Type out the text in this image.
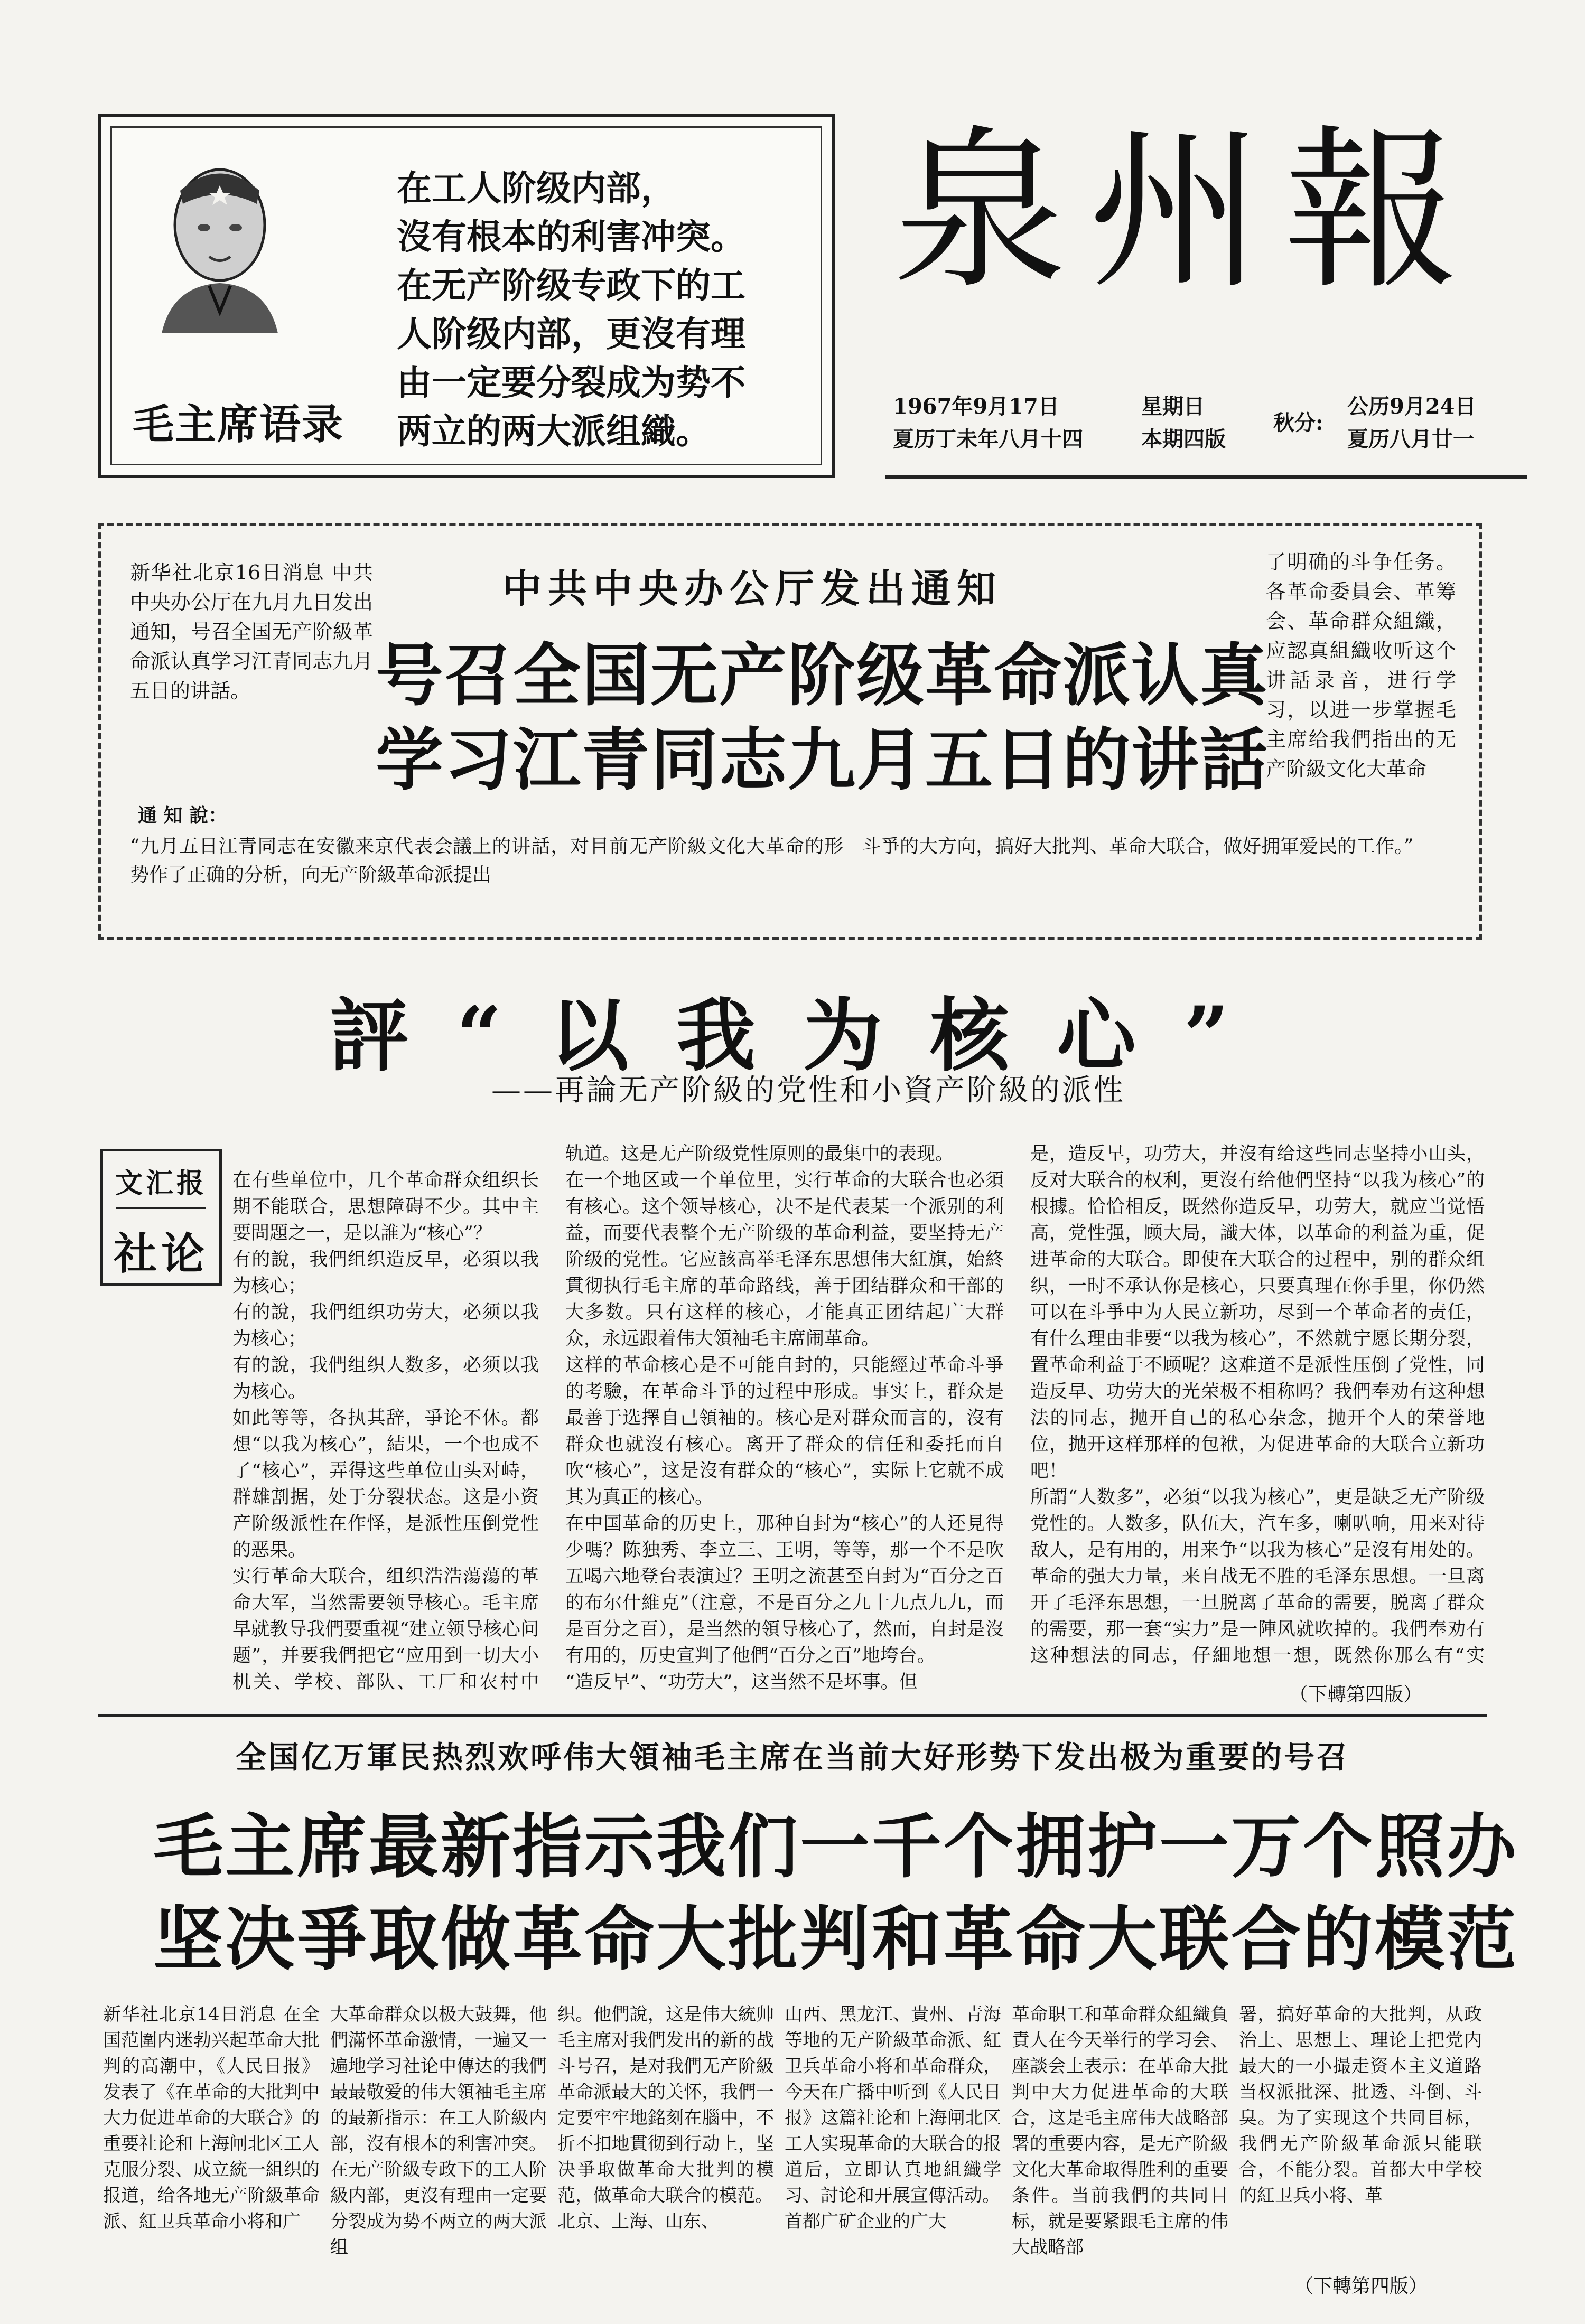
毛主席语录
在工人阶级内部，
沒有根本的利害冲突。
在无产阶级专政下的工
人阶级内部，更沒有理
由一定要分裂成为势不
两立的两大派组織。
泉州報
1967年9月17日
夏历丁未年八月十四
星期日
本期四版
秋分:
公历9月24日
夏历八月廿一
新华社北京16日消息 中共中央办公厅在九月九日发出通知，号召全国无产阶級革命派认真学习江青同志九月五日的讲話。
通 知 說：
中共中央办公厅发出通知
号召全国无产阶级革命派认真
学习江青同志九月五日的讲話
了明确的斗争任务。各革命委員会、革筹会、革命群众組織，应認真組織收听这个讲話录音，进行学习，以进一步掌握毛主席给我們指出的无产阶級文化大革命
“九月五日江青同志在安徽来京代表会議上的讲話，对目前无产阶級文化大革命的形势作了正确的分析，向无产阶級革命派提出
斗爭的大方向，搞好大批判、革命大联合，做好拥軍爱民的工作。”
評“以我为核心”
——再論无产阶級的党性和小資产阶級的派性
文汇报
社论

在有些单位中，几个革命群众组织长期不能联合，思想障碍不少。其中主要問題之一，是以誰为“核心”？
有的說，我們组织造反早，必須以我为核心；
有的說，我們组织功劳大，必须以我为核心；
有的說，我們组织人数多，必须以我为核心。
如此等等，各执其辞，爭论不休。都想“以我为核心”，結果，一个也成不了“核心”，弄得这些单位山头对峙，群雄割据，处于分裂状态。这是小资产阶级派性在作怪，是派性压倒党性的恶果。
实行革命大联合，组织浩浩蕩蕩的革命大军，当然需要领导核心。毛主席早就教导我們要重视“建立领导核心问题”，并要我們把它“应用到一切大小机关、学校、部队、工厂和农村中

轨道。这是无产阶级党性原则的最集中的表现。
在一个地区或一个单位里，实行革命的大联合也必須有核心。这个领导核心，决不是代表某一个派别的利益，而要代表整个无产阶级的革命利益，要坚持无产阶级的党性。它应該高举毛泽东思想伟大紅旗，始終貫彻执行毛主席的革命路线，善于团结群众和干部的大多数。只有这样的核心，才能真正团结起广大群众，永远跟着伟大領袖毛主席闹革命。
这样的革命核心是不可能自封的，只能經过革命斗爭的考驗，在革命斗爭的过程中形成。事实上，群众是最善于选擇自己領袖的。核心是对群众而言的，沒有群众也就沒有核心。离开了群众的信任和委托而自吹“核心”，这是沒有群众的“核心”，实际上它就不成其为真正的核心。
在中国革命的历史上，那种自封为“核心”的人还見得少嗎？陈独秀、李立三、王明，等等，那一个不是吹五喝六地登台表演过？王明之流甚至自封为“百分之百的布尔什維克”（注意，不是百分之九十九点九九，而是百分之百），是当然的領导核心了，然而，自封是沒有用的，历史宣判了他們“百分之百”地垮台。
“造反早”、“功劳大”，这当然不是坏事。但
是，造反早，功劳大，并沒有给这些同志坚持小山头，反对大联合的权利，更沒有给他們坚持“以我为核心”的根據。恰恰相反，既然你造反早，功劳大，就应当觉悟高，党性强，顾大局，識大体，以革命的利益为重，促进革命的大联合。即使在大联合的过程中，别的群众组织，一时不承认你是核心，只要真理在你手里，你仍然可以在斗爭中为人民立新功，尽到一个革命者的责任，有什么理由非要“以我为核心”，不然就宁愿长期分裂，置革命利益于不顾呢？这难道不是派性压倒了党性，同造反早、功劳大的光荣极不相称吗？我們奉劝有这种想法的同志，抛开自己的私心杂念，抛开个人的荣誉地位，抛开这样那样的包袱，为促进革命的大联合立新功吧！
所謂“人数多”，必須“以我为核心”，更是缺乏无产阶级党性的。人数多，队伍大，汽车多，喇叭响，用来对待敌人，是有用的，用来争“以我为核心”是沒有用处的。革命的强大力量，来自战无不胜的毛泽东思想。一旦离开了毛泽东思想，一旦脱离了革命的需要，脱离了群众的需要，那一套“实力”是一陣风就吹掉的。我們奉劝有这种想法的同志，仔細地想一想，既然你那么有“实
（下轉第四版）
全国亿万軍民热烈欢呼伟大領袖毛主席在当前大好形势下发出极为重要的号召
毛主席最新指示我们一千个拥护一万个照办
坚决爭取做革命大批判和革命大联合的模范
新华社北京14日消息 在全国范圍内迷勃兴起革命大批判的高潮中，《人民日报》发表了《在革命的大批判中大力促进革命的大联合》的重要社论和上海闸北区工人克服分裂、成立統一組织的报道，给各地无产阶級革命派、紅卫兵革命小将和广
大革命群众以极大鼓舞，他們滿怀革命激情，一遍又一遍地学习社论中傳达的我們最最敬爱的伟大領袖毛主席的最新指示：在工人阶級内部，沒有根本的利害冲突。在无产阶級专政下的工人阶級内部，更沒有理由一定要分裂成为势不两立的两大派组
织。他們說，这是伟大統帅毛主席对我們发出的新的战斗号召，是对我們无产阶級革命派最大的关怀，我們一定要牢牢地銘刻在腦中，不折不扣地貫彻到行动上，坚决爭取做革命大批判的模范，做革命大联合的模范。
北京、上海、山东、
山西、黑龙江、貴州、青海等地的无产阶級革命派、紅卫兵革命小将和革命群众，今天在广播中听到《人民日报》这篇社论和上海闸北区工人实現革命的大联合的报道后，立即认真地組織学习、討论和开展宣傳活动。
首都广矿企业的广大
革命职工和革命群众組織負責人在今天举行的学习会、座談会上表示：在革命大批判中大力促进革命的大联合，这是毛主席伟大战略部署的重要内容，是无产阶級文化大革命取得胜利的重要条件。当前我們的共同目标，就是要紧跟毛主席的伟大战略部
署，搞好革命的大批判，从政治上、思想上、理论上把党内最大的一小撮走资本主义道路当权派批深、批透、斗倒、斗臭。为了实现这个共同目标，我們无产阶級革命派只能联合，不能分裂。首都大中学校的紅卫兵小将、革
（下轉第四版）
